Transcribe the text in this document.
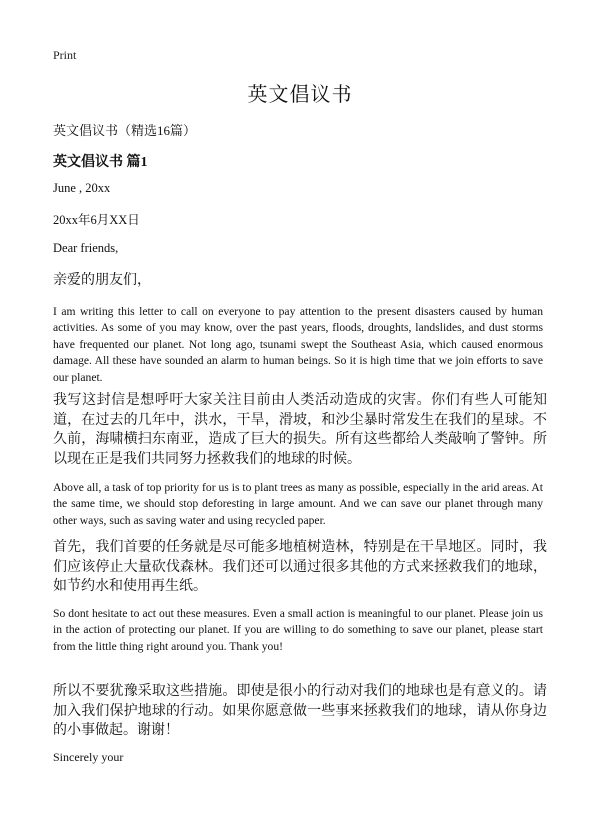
Print
英文倡议书
英文倡议书（精选16篇）
英文倡议书 篇1
June , 20xx
20xx年6月XX日
Dear friends,
亲爱的朋友们，
I am writing this letter to call on everyone to pay attention to the present disasters caused by human activities. As some of you may know, over the past years, floods, droughts, landslides, and dust storms have frequented our planet. Not long ago, tsunami swept the Southeast Asia, which caused enormous damage. All these have sounded an alarm to human beings. So it is high time that we join efforts to save our planet.
我写这封信是想呼吁大家关注目前由人类活动造成的灾害。你们有些人可能知道，在过去的几年中，洪水，干旱，滑坡，和沙尘暴时常发生在我们的星球。不久前，海啸横扫东南亚，造成了巨大的损失。所有这些都给人类敲响了警钟。所以现在正是我们共同努力拯救我们的地球的时候。
Above all, a task of top priority for us is to plant trees as many as possible, especially in the arid areas. At the same time, we should stop deforesting in large amount. And we can save our planet through many other ways, such as saving water and using recycled paper.
首先，我们首要的任务就是尽可能多地植树造林，特别是在干旱地区。同时，我们应该停止大量砍伐森林。我们还可以通过很多其他的方式来拯救我们的地球，如节约水和使用再生纸。
So dont hesitate to act out these measures. Even a small action is meaningful to our planet. Please join us in the action of protecting our planet. If you are willing to do something to save our planet, please start from the little thing right around you. Thank you!
所以不要犹豫采取这些措施。即使是很小的行动对我们的地球也是有意义的。请加入我们保护地球的行动。如果你愿意做一些事来拯救我们的地球，请从你身边的小事做起。谢谢！
Sincerely your
